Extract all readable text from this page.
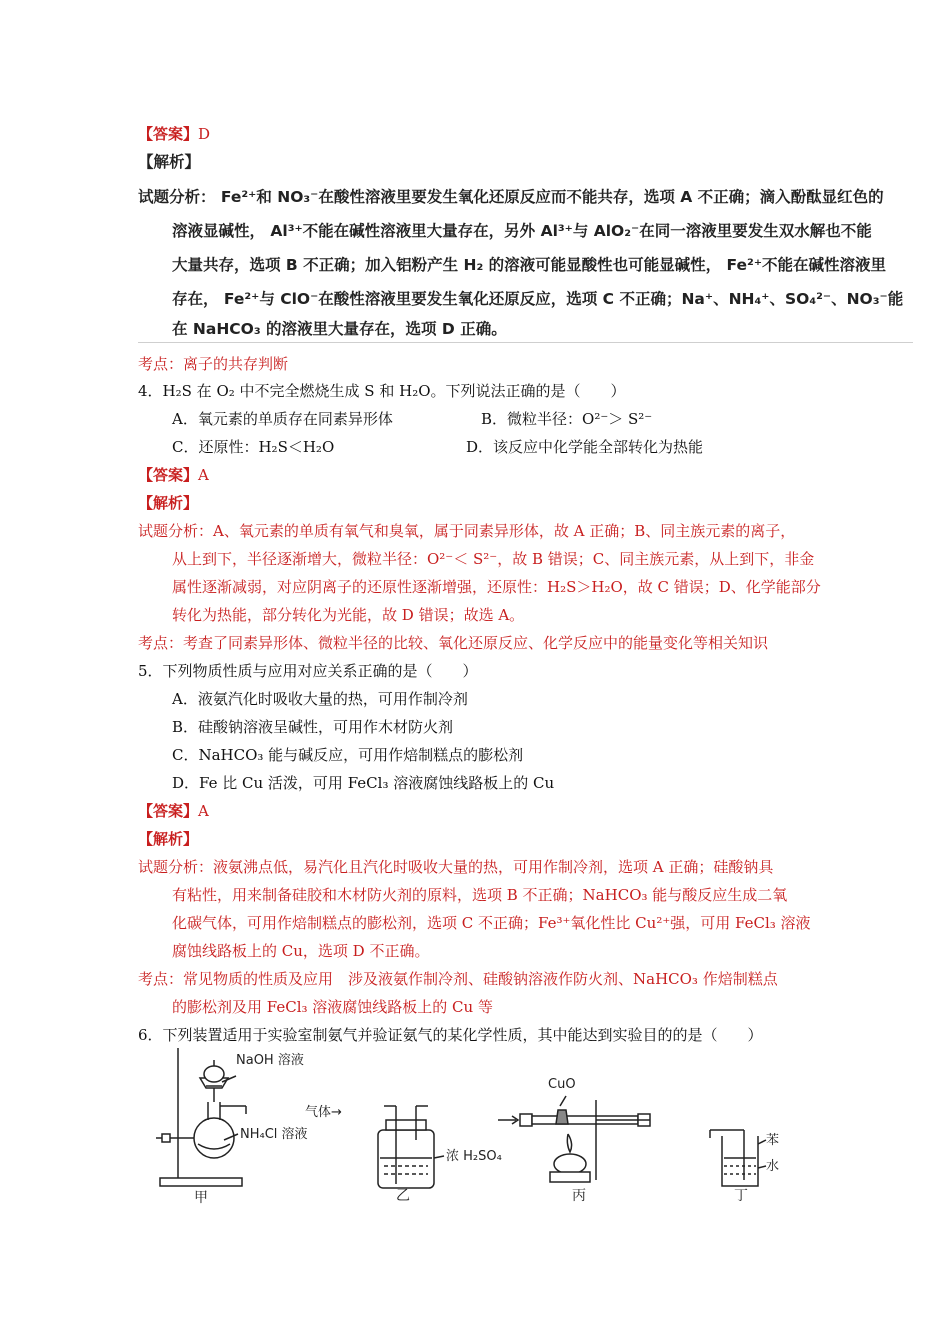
【答案】D
【解析】
试题分析： Fe²⁺和 NO₃⁻在酸性溶液里要发生氧化还原反应而不能共存，选项 A 不正确；滴入酚酞显红色的
溶液显碱性， Al³⁺不能在碱性溶液里大量存在，另外 Al³⁺与 AlO₂⁻在同一溶液里要发生双水解也不能
大量共存，选项 B 不正确；加入铝粉产生 H₂ 的溶液可能显酸性也可能显碱性， Fe²⁺不能在碱性溶液里
存在， Fe²⁺与 ClO⁻在酸性溶液里要发生氧化还原反应，选项 C 不正确；Na⁺、NH₄⁺、SO₄²⁻、NO₃⁻能
在 NaHCO₃ 的溶液里大量存在，选项 D 正确。
考点：离子的共存判断
4．H₂S 在 O₂ 中不完全燃烧生成 S 和 H₂O。下列说法正确的是（　　）
A．氧元素的单质存在同素异形体	B．微粒半径：O²⁻＞ S²⁻
C．还原性：H₂S＜H₂O	D．该反应中化学能全部转化为热能
【答案】A
【解析】
试题分析：A、氧元素的单质有氧气和臭氧，属于同素异形体，故 A 正确；B、同主族元素的离子，
从上到下，半径逐渐增大，微粒半径：O²⁻＜ S²⁻，故 B 错误；C、同主族元素，从上到下，非金
属性逐渐减弱，对应阴离子的还原性逐渐增强，还原性：H₂S＞H₂O，故 C 错误；D、化学能部分
转化为热能，部分转化为光能，故 D 错误；故选 A。
考点：考查了同素异形体、微粒半径的比较、氧化还原反应、化学反应中的能量变化等相关知识
5．下列物质性质与应用对应关系正确的是（　　）
A．液氨汽化时吸收大量的热，可用作制冷剂
B．硅酸钠溶液呈碱性，可用作木材防火剂
C．NaHCO₃ 能与碱反应，可用作焙制糕点的膨松剂
D．Fe 比 Cu 活泼，可用 FeCl₃ 溶液腐蚀线路板上的 Cu
【答案】A
【解析】
试题分析：液氨沸点低，易汽化且汽化时吸收大量的热，可用作制冷剂，选项 A 正确；硅酸钠具
有粘性，用来制备硅胶和木材防火剂的原料，选项 B 不正确；NaHCO₃ 能与酸反应生成二氧
化碳气体，可用作焙制糕点的膨松剂，选项 C 不正确；Fe³⁺氧化性比 Cu²⁺强，可用 FeCl₃ 溶液
腐蚀线路板上的 Cu，选项 D 不正确。
考点：常见物质的性质及应用　涉及液氨作制冷剂、硅酸钠溶液作防火剂、NaHCO₃ 作焙制糕点
的膨松剂及用 FeCl₃ 溶液腐蚀线路板上的 Cu 等
6．下列装置适用于实验室制氨气并验证氨气的某化学性质，其中能达到实验目的的是（　　）
NaOH 溶液
NH₄Cl 溶液
甲
气体→
浓 H₂SO₄
乙
CuO
丙
苯
水
丁
